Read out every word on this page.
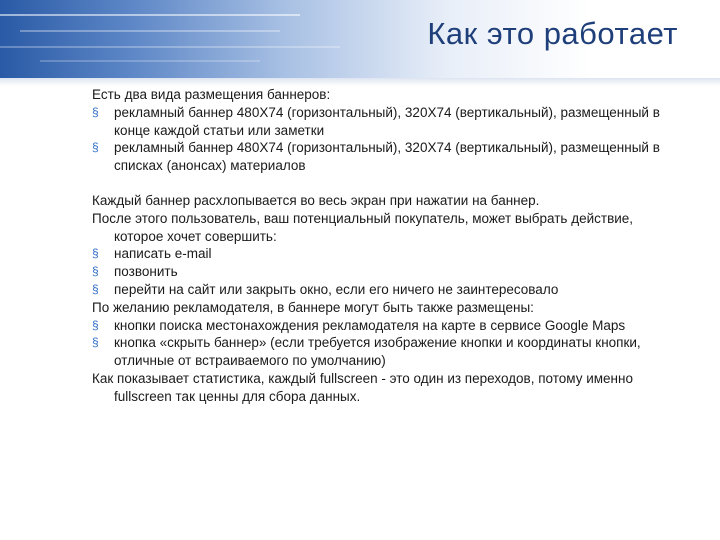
Как это работает

Есть два вида размещения баннеров:

§ рекламный баннер 480Х74 (горизонтальный), 320Х74 (вертикальный), размещенный в конце каждой статьи или заметки

§ рекламный баннер 480Х74 (горизонтальный), 320Х74 (вертикальный), размещенный в списках (анонсах) материалов

Каждый баннер расхлопывается во весь экран при нажатии на баннер.

После этого пользователь, ваш потенциальный покупатель, может выбрать действие, которое хочет совершить:

§ написать e-mail

§ позвонить

§ перейти на сайт или закрыть окно, если его ничего не заинтересовало

По желанию рекламодателя, в баннере могут быть также размещены:

§ кнопки поиска местонахождения рекламодателя на карте в сервисе Google Maps

§ кнопка «скрыть баннер» (если требуется изображение кнопки и координаты кнопки, отличные от встраиваемого по умолчанию)

Как показывает статистика, каждый fullscreen - это один из переходов, потому именно fullscreen так ценны для сбора данных.
